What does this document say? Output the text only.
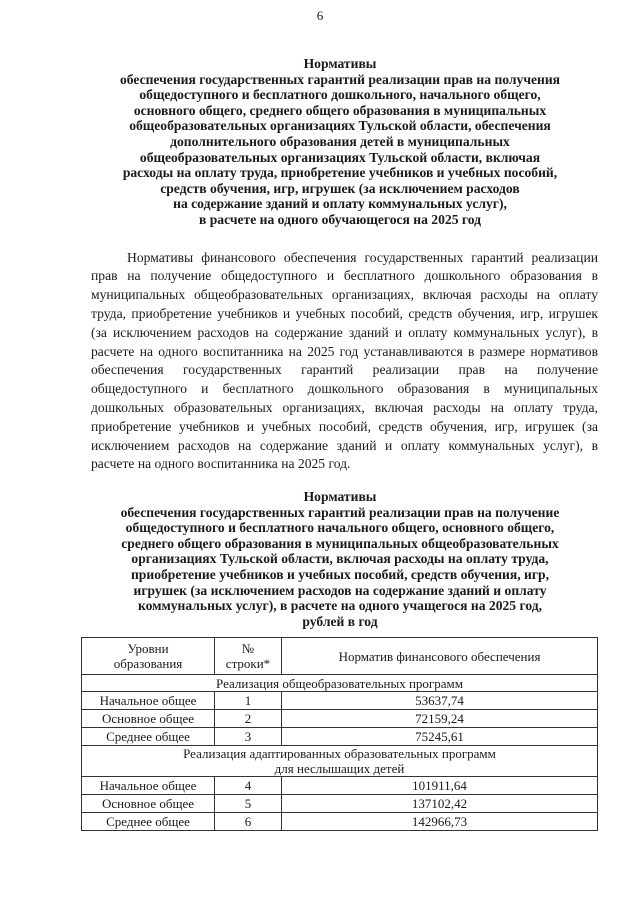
6
Нормативы
обеспечения государственных гарантий реализации прав на получения
общедоступного и бесплатного дошкольного, начального общего,
основного общего, среднего общего образования в муниципальных
общеобразовательных организациях Тульской области, обеспечения
дополнительного образования детей в муниципальных
общеобразовательных организациях Тульской области, включая
расходы на оплату труда, приобретение учебников и учебных пособий,
средств обучения, игр, игрушек (за исключением расходов
на содержание зданий и оплату коммунальных услуг),
в расчете на одного обучающегося на 2025 год

Нормативы финансового обеспечения государственных гарантий реализации прав на получение общедоступного и бесплатного дошкольного образования в муниципальных общеобразовательных организациях, включая расходы на оплату труда, приобретение учебников и учебных пособий, средств обучения, игр, игрушек (за исключением расходов на содержание зданий и оплату коммунальных услуг), в расчете на одного воспитанника на 2025 год устанавливаются в размере нормативов обеспечения государственных гарантий реализации прав на получение общедоступного и бесплатного дошкольного образования в муниципальных дошкольных образовательных организациях, включая расходы на оплату труда, приобретение учебников и учебных пособий, средств обучения, игр, игрушек (за исключением расходов на содержание зданий и оплату коммунальных услуг), в расчете на одного воспитанника на 2025 год.

Нормативы
обеспечения государственных гарантий реализации прав на получение
общедоступного и бесплатного начального общего, основного общего,
среднего общего образования в муниципальных общеобразовательных
организациях Тульской области, включая расходы на оплату труда,
приобретение учебников и учебных пособий, средств обучения, игр,
игрушек (за исключением расходов на содержание зданий и оплату
коммунальных услуг), в расчете на одного учащегося на 2025 год,
рублей в год
Уровни
образования	№
строки*	Норматив финансового обеспечения
Реализация общеобразовательных программ		
Начальное общее	1	53637,74
Основное общее	2	72159,24
Среднее общее	3	75245,61

Реализация адаптированных образовательных программ
для неслышащих детей		

Начальное общее	4	101911,64
Основное общее	5	137102,42
Среднее общее	6	142966,73
